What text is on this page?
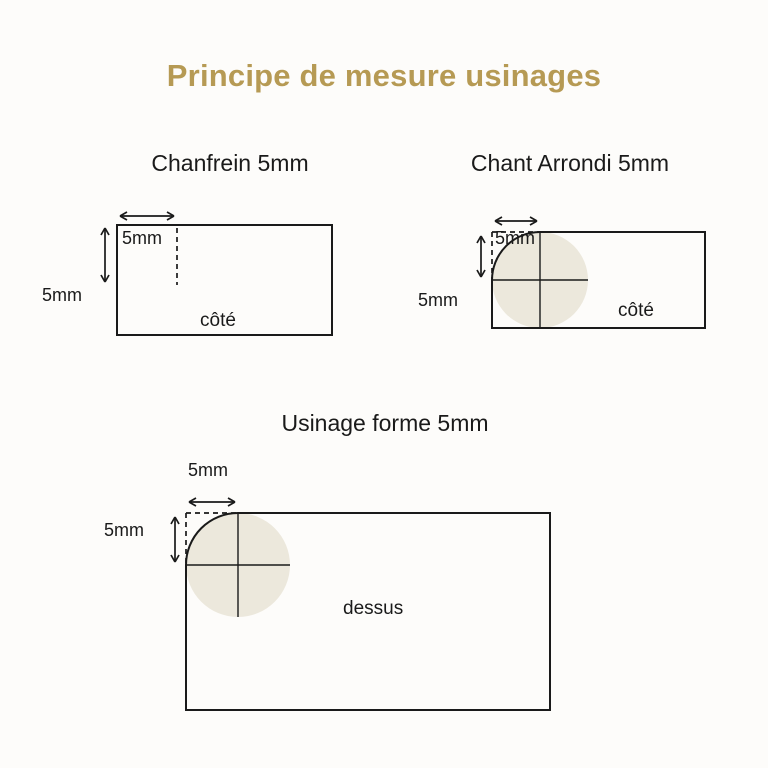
Principe de mesure usinages
Chanfrein 5mm
5mm
5mm
côté
Chant Arrondi 5mm
5mm
5mm	côté
Usinage forme 5mm
5mm
5mm
dessus
